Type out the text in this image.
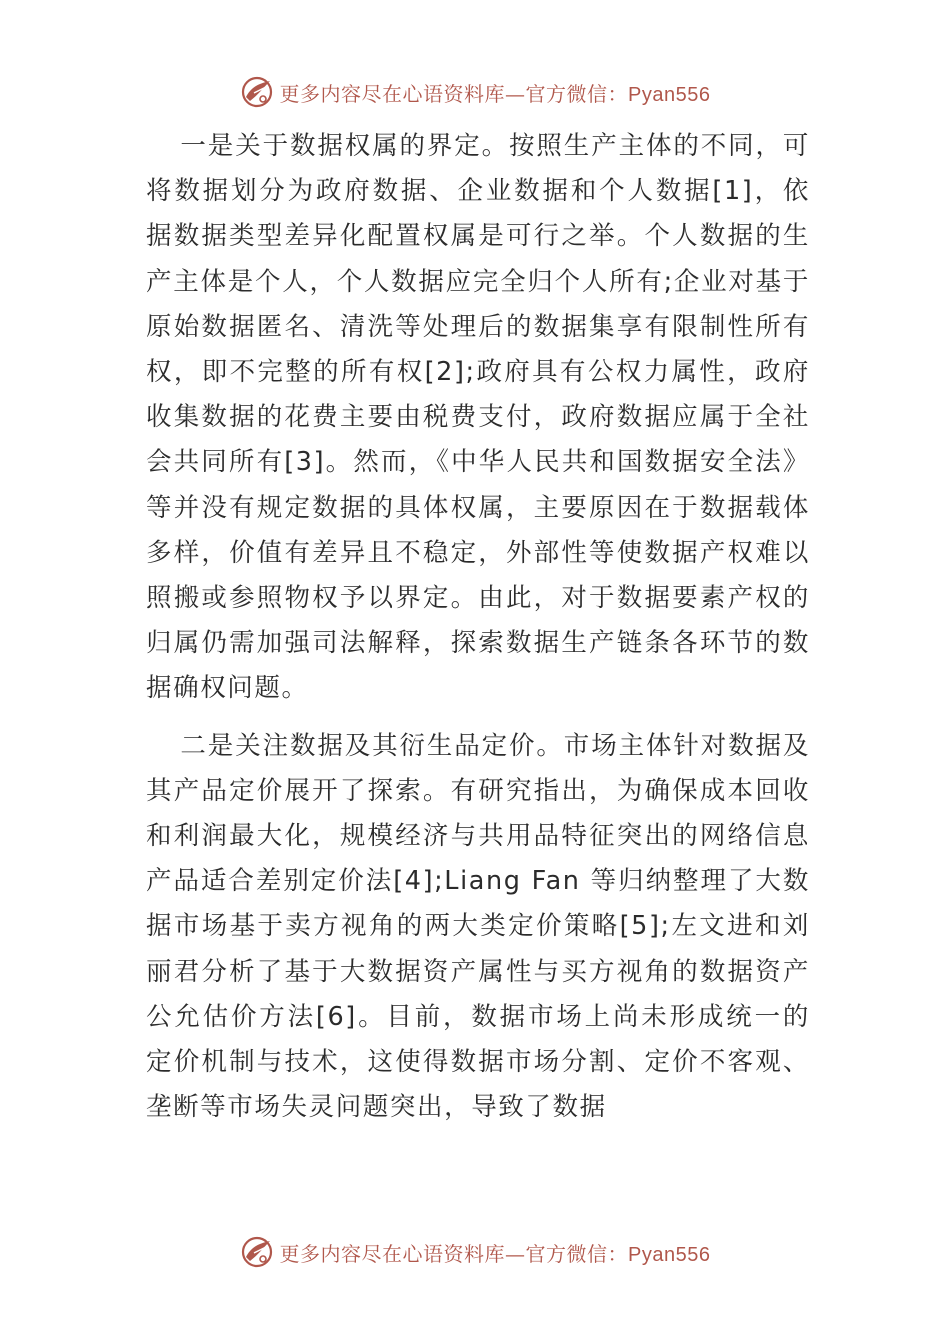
更多内容尽在心语资料库—官方微信：Pyan556

一是关于数据权属的界定。按照生产主体的不同，可将数据划分为政府数据、企业数据和个人数据[1]，依据数据类型差异化配置权属是可行之举。个人数据的生产主体是个人，个人数据应完全归个人所有;企业对基于原始数据匿名、清洗等处理后的数据集享有限制性所有权，即不完整的所有权[2];政府具有公权力属性，政府收集数据的花费主要由税费支付，政府数据应属于全社会共同所有[3]。然而，《中华人民共和国数据安全法》等并没有规定数据的具体权属，主要原因在于数据载体多样，价值有差异且不稳定，外部性等使数据产权难以照搬或参照物权予以界定。由此，对于数据要素产权的归属仍需加强司法解释，探索数据生产链条各环节的数据确权问题。

二是关注数据及其衍生品定价。市场主体针对数据及其产品定价展开了探索。有研究指出，为确保成本回收和利润最大化，规模经济与共用品特征突出的网络信息产品适合差别定价法[4];Liang Fan 等归纳整理了大数据市场基于卖方视角的两大类定价策略[5];左文进和刘丽君分析了基于大数据资产属性与买方视角的数据资产公允估价方法[6]。目前，数据市场上尚未形成统一的定价机制与技术，这使得数据市场分割、定价不客观、垄断等市场失灵问题突出，导致了数据

更多内容尽在心语资料库—官方微信：Pyan556
